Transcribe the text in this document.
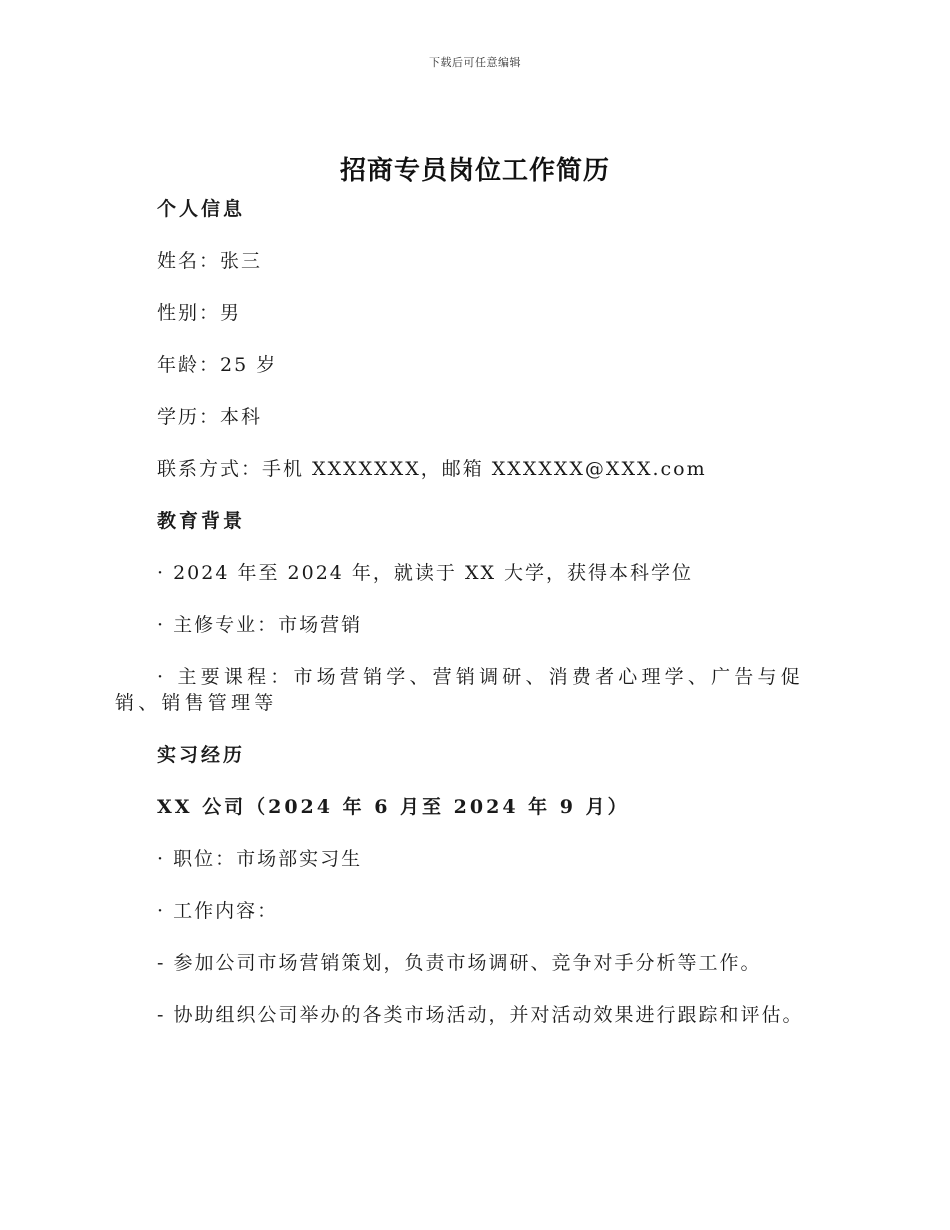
下载后可任意编辑
招商专员岗位工作简历

个人信息

姓名：张三

性别：男

年龄：25 岁

学历：本科

联系方式：手机 XXXXXXX，邮箱 XXXXXX@XXX.com

教育背景

· 2024 年至 2024 年，就读于 XX 大学，获得本科学位

· 主修专业：市场营销

· 主要课程：市场营销学、营销调研、消费者心理学、广告与促销、销售管理等

实习经历

XX 公司（2024 年 6 月至 2024 年 9 月）

· 职位：市场部实习生

· 工作内容：

- 参加公司市场营销策划，负责市场调研、竞争对手分析等工作。

- 协助组织公司举办的各类市场活动，并对活动效果进行跟踪和评估。
